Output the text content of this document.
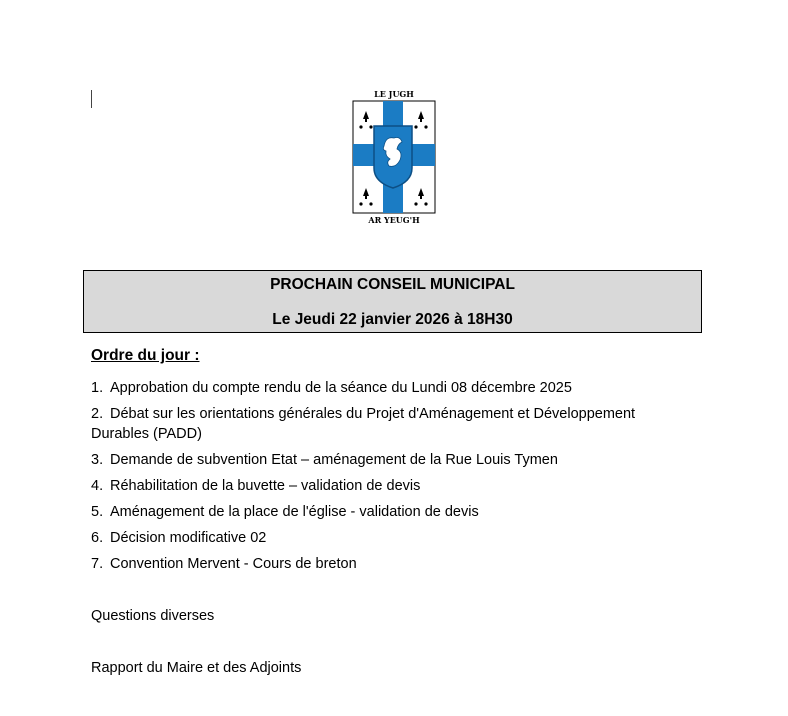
LE JUGH
AR YEUG'H
PROCHAIN CONSEIL MUNICIPAL
Le Jeudi 22 janvier 2026 à 18H30
Ordre du jour :
1. Approbation du compte rendu de la séance du Lundi 08 décembre 2025
2. Débat sur les orientations générales du Projet d'Aménagement et Développement Durables (PADD)
3. Demande de subvention Etat – aménagement de la Rue Louis Tymen
4. Réhabilitation de la buvette – validation de devis
5. Aménagement de la place de l'église - validation de devis
6. Décision modificative 02
7. Convention Mervent - Cours de breton
Questions diverses
Rapport du Maire et des Adjoints
